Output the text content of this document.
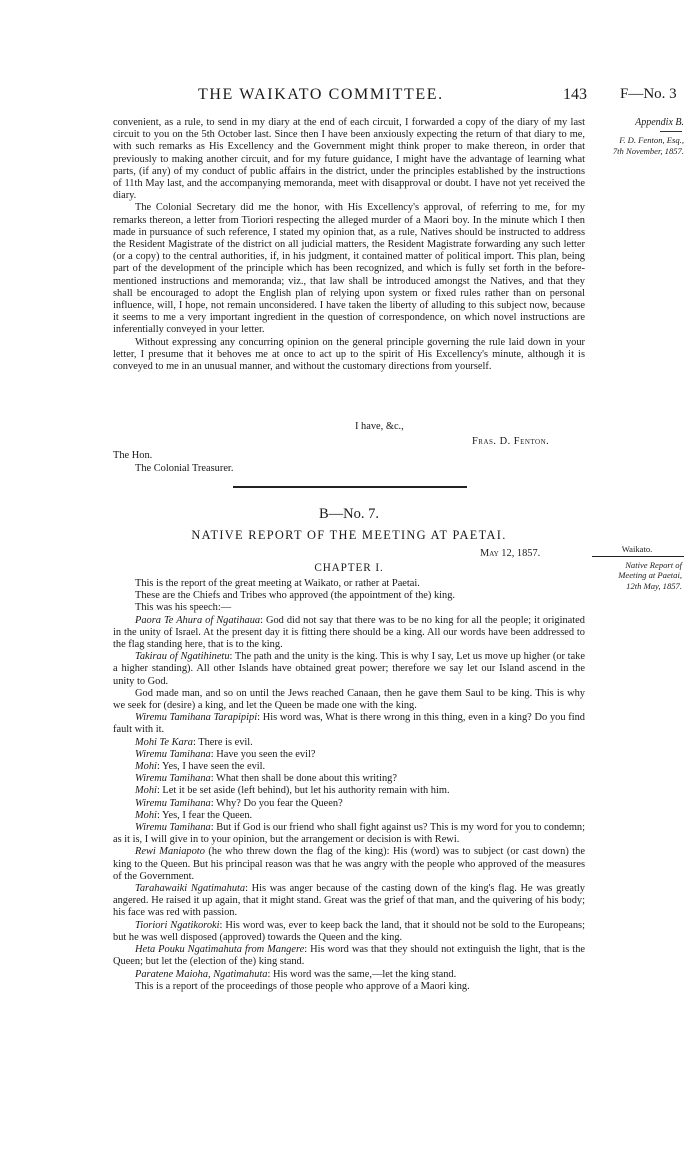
THE WAIKATO COMMITTEE.	143 F—No. 3
Appendix B.
F. D. Fenton, Esq.,
7th November, 1857.

convenient, as a rule, to send in my diary at the end of each circuit, I forwarded a copy of the diary of my last circuit to you on the 5th October last. Since then I have been anxiously expecting the return of that diary to me, with such remarks as His Excellency and the Government might think proper to make thereon, in order that previously to making another circuit, and for my future guidance, I might have the advantage of learning what parts, (if any) of my conduct of public affairs in the district, under the principles established by the instructions of 11th May last, and the accompanying memoranda, meet with disapproval or doubt. I have not yet received the diary.

The Colonial Secretary did me the honor, with His Excellency's approval, of referring to me, for my remarks thereon, a letter from Tioriori respecting the alleged murder of a Maori boy. In the minute which I then made in pursuance of such reference, I stated my opinion that, as a rule, Natives should be instructed to address the Resident Magistrate of the district on all judicial matters, the Resident Magistrate forwarding any such letter (or a copy) to the central authorities, if, in his judgment, it contained matter of political import. This plan, being part of the development of the principle which has been recognized, and which is fully set forth in the before-mentioned instructions and memoranda; viz., that law shall be introduced amongst the Natives, and that they shall be encouraged to adopt the English plan of relying upon system or fixed rules rather than on personal influence, will, I hope, not remain unconsidered. I have taken the liberty of alluding to this subject now, because it seems to me a very important ingredient in the question of correspondence, on which novel instructions are inferentially conveyed in your letter.

Without expressing any concurring opinion on the general principle governing the rule laid down in your letter, I presume that it behoves me at once to act up to the spirit of His Excellency's minute, although it is conveyed to me in an unusual manner, and without the customary directions from yourself.

I have, &c.,
Fras. D. Fenton.
The Hon.
The Colonial Treasurer.
B—No. 7.
NATIVE REPORT OF THE MEETING AT PAETAI.
May 12, 1857.
CHAPTER I.
Waikato.
Native Report of
Meeting at Paetai,
12th May, 1857.

This is the report of the great meeting at Waikato, or rather at Paetai.

These are the Chiefs and Tribes who approved (the appointment of the) king.

This was his speech:—

Paora Te Ahura of Ngatihaua: God did not say that there was to be no king for all the people; it originated in the unity of Israel. At the present day it is fitting there should be a king. All our words have been addressed to the flag standing here, that is to the king.

Takirau of Ngatihinetu: The path and the unity is the king. This is why I say, Let us move up higher (or take a higher standing). All other Islands have obtained great power; therefore we say let our Island ascend in the unity to God.

God made man, and so on until the Jews reached Canaan, then he gave them Saul to be king. This is why we seek for (desire) a king, and let the Queen be made one with the king.

Wiremu Tamihana Tarapipipi: His word was, What is there wrong in this thing, even in a king? Do you find fault with it.

Mohi Te Kara: There is evil.

Wiremu Tamihana: Have you seen the evil?

Mohi: Yes, I have seen the evil.

Wiremu Tamihana: What then shall be done about this writing?

Mohi: Let it be set aside (left behind), but let his authority remain with him.

Wiremu Tamihana: Why? Do you fear the Queen?

Mohi: Yes, I fear the Queen.

Wiremu Tamihana: But if God is our friend who shall fight against us? This is my word for you to condemn; as it is, I will give in to your opinion, but the arrangement or decision is with Rewi.

Rewi Maniapoto (he who threw down the flag of the king): His (word) was to subject (or cast down) the king to the Queen. But his principal reason was that he was angry with the people who approved of the measures of the Government.

Tarahawaiki Ngatimahuta: His was anger because of the casting down of the king's flag. He was greatly angered. He raised it up again, that it might stand. Great was the grief of that man, and the quivering of his body; his face was red with passion.

Tioriori Ngatikoroki: His word was, ever to keep back the land, that it should not be sold to the Europeans; but he was well disposed (approved) towards the Queen and the king.

Heta Pouku Ngatimahuta from Mangere: His word was that they should not extinguish the light, that is the Queen; but let the (election of the) king stand.

Paratene Maioha, Ngatimahuta: His word was the same,—let the king stand.

This is a report of the proceedings of those people who approve of a Maori king.
